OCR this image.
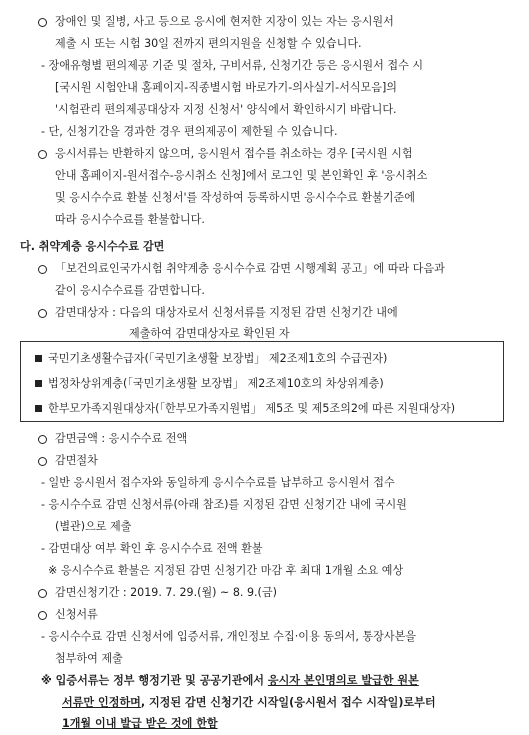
장애인 및 질병, 사고 등으로 응시에 현저한 지장이 있는 자는 응시원서
제출 시 또는 시험 30일 전까지 편의지원을 신청할 수 있습니다.
- 장애유형별 편의제공 기준 및 절차, 구비서류, 신청기간 등은 응시원서 접수 시
[국시원 시험안내 홈페이지-직종별시험 바로가기-의사실기-서식모음]의
'시험관리 편의제공대상자 지정 신청서' 양식에서 확인하시기 바랍니다.
- 단, 신청기간을 경과한 경우 편의제공이 제한될 수 있습니다.
응시서류는 반환하지 않으며, 응시원서 접수를 취소하는 경우 [국시원 시험
안내 홈페이지-원서접수-응시취소 신청]에서 로그인 및 본인확인 후 '응시취소
및 응시수수료 환불 신청서'를 작성하여 등록하시면 응시수수료 환불기준에
따라 응시수수료를 환불합니다.
다. 취약계층 응시수수료 감면
「보건의료인국가시험 취약계층 응시수수료 감면 시행계획 공고」에 따라 다음과
같이 응시수수료를 감면합니다.
감면대상자 : 다음의 대상자로서 신청서류를 지정된 감면 신청기간 내에
제출하여 감면대상자로 확인된 자
국민기초생활수급자(「국민기초생활 보장법」 제2조제1호의 수급권자)
법정차상위계층(「국민기초생활 보장법」 제2조제10호의 차상위계층)
한부모가족지원대상자(「한부모가족지원법」 제5조 및 제5조의2에 따른 지원대상자)
감면금액 : 응시수수료 전액
감면절차
- 일반 응시원서 접수자와 동일하게 응시수수료를 납부하고 응시원서 접수
- 응시수수료 감면 신청서류(아래 참조)를 지정된 감면 신청기간 내에 국시원
(별관)으로 제출
- 감면대상 여부 확인 후 응시수수료 전액 환불
※ 응시수수료 환불은 지정된 감면 신청기간 마감 후 최대 1개월 소요 예상
감면신청기간 : 2019. 7. 29.(월) ~ 8. 9.(금)
신청서류
- 응시수수료 감면 신청서에 입증서류, 개인정보 수집·이용 동의서, 통장사본을
첨부하여 제출
※ 입증서류는 정부 행정기관 및 공공기관에서 응시자 본인명의로 발급한 원본
서류만 인정하며, 지정된 감면 신청기간 시작일(응시원서 접수 시작일)로부터
1개월 이내 발급 받은 것에 한함
